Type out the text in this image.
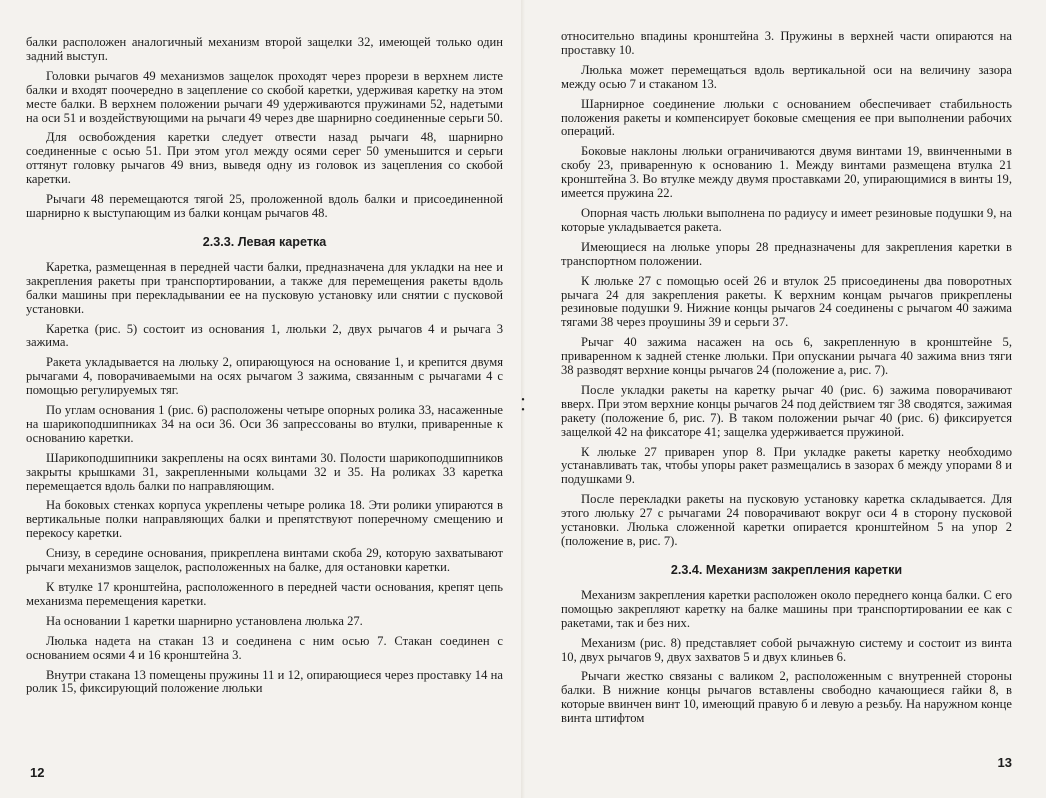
балки расположен аналогичный механизм второй защелки 32, имеющей только один задний выступ.

Головки рычагов 49 механизмов защелок проходят через прорези в верхнем листе балки и входят поочередно в зацепление со скобой каретки, удерживая каретку на этом месте балки. В верхнем положении рычаги 49 удерживаются пружинами 52, надетыми на оси 51 и воздействующими на рычаги 49 через две шарнирно соединенные серьги 50.

Для освобождения каретки следует отвести назад рычаги 48, шарнирно соединенные с осью 51. При этом угол между осями серег 50 уменьшится и серьги оттянут головку рычагов 49 вниз, выведя одну из головок из зацепления со скобой каретки.

Рычаги 48 перемещаются тягой 25, проложенной вдоль балки и присоединенной шарнирно к выступающим из балки концам рычагов 48.

2.3.3. Левая каретка

Каретка, размещенная в передней части балки, предназначена для укладки на нее и закрепления ракеты при транспортировании, а также для перемещения ракеты вдоль балки машины при перекладывании ее на пусковую установку или снятии с пусковой установки.

Каретка (рис. 5) состоит из основания 1, люльки 2, двух рычагов 4 и рычага 3 зажима.

Ракета укладывается на люльку 2, опирающуюся на основание 1, и крепится двумя рычагами 4, поворачиваемыми на осях рычагом 3 зажима, связанным с рычагами 4 с помощью регулируемых тяг.

По углам основания 1 (рис. 6) расположены четыре опорных ролика 33, насаженные на шарикоподшипниках 34 на оси 36. Оси 36 запрессованы во втулки, приваренные к основанию каретки.

Шарикоподшипники закреплены на осях винтами 30. Полости шарикоподшипников закрыты крышками 31, закрепленными кольцами 32 и 35. На роликах 33 каретка перемещается вдоль балки по направляющим.

На боковых стенках корпуса укреплены четыре ролика 18. Эти ролики упираются в вертикальные полки направляющих балки и препятствуют поперечному смещению и перекосу каретки.

Снизу, в середине основания, прикреплена винтами скоба 29, которую захватывают рычаги механизмов защелок, расположенных на балке, для остановки каретки.

К втулке 17 кронштейна, расположенного в передней части основания, крепят цепь механизма перемещения каретки.

На основании 1 каретки шарнирно установлена люлька 27.

Люлька надета на стакан 13 и соединена с ним осью 7. Стакан соединен с основанием осями 4 и 16 кронштейна 3.

Внутри стакана 13 помещены пружины 11 и 12, опирающиеся через проставку 14 на ролик 15, фиксирующий положение люльки

12
•
•

относительно впадины кронштейна 3. Пружины в верхней части опираются на проставку 10.

Люлька может перемещаться вдоль вертикальной оси на величину зазора между осью 7 и стаканом 13.

Шарнирное соединение люльки с основанием обеспечивает стабильность положения ракеты и компенсирует боковые смещения ее при выполнении рабочих операций.

Боковые наклоны люльки ограничиваются двумя винтами 19, ввинченными в скобу 23, приваренную к основанию 1. Между винтами размещена втулка 21 кронштейна 3. Во втулке между двумя проставками 20, упирающимися в винты 19, имеется пружина 22.

Опорная часть люльки выполнена по радиусу и имеет резиновые подушки 9, на которые укладывается ракета.

Имеющиеся на люльке упоры 28 предназначены для закрепления каретки в транспортном положении.

К люльке 27 с помощью осей 26 и втулок 25 присоединены два поворотных рычага 24 для закрепления ракеты. К верхним концам рычагов прикреплены резиновые подушки 9. Нижние концы рычагов 24 соединены с рычагом 40 зажима тягами 38 через проушины 39 и серьги 37.

Рычаг 40 зажима насажен на ось 6, закрепленную в кронштейне 5, приваренном к задней стенке люльки. При опускании рычага 40 зажима вниз тяги 38 разводят верхние концы рычагов 24 (положение а, рис. 7).

После укладки ракеты на каретку рычаг 40 (рис. 6) зажима поворачивают вверх. При этом верхние концы рычагов 24 под действием тяг 38 сводятся, зажимая ракету (положение б, рис. 7). В таком положении рычаг 40 (рис. 6) фиксируется защелкой 42 на фиксаторе 41; защелка удерживается пружиной.

К люльке 27 приварен упор 8. При укладке ракеты каретку необходимо устанавливать так, чтобы упоры ракет размещались в зазорах б между упорами 8 и подушками 9.

После перекладки ракеты на пусковую установку каретка складывается. Для этого люльку 27 с рычагами 24 поворачивают вокруг оси 4 в сторону пусковой установки. Люлька сложенной каретки опирается кронштейном 5 на упор 2 (положение в, рис. 7).

2.3.4. Механизм закрепления каретки

Механизм закрепления каретки расположен около переднего конца балки. С его помощью закрепляют каретку на балке машины при транспортировании ее как с ракетами, так и без них.

Механизм (рис. 8) представляет собой рычажную систему и состоит из винта 10, двух рычагов 9, двух захватов 5 и двух клиньев 6.

Рычаги жестко связаны с валиком 2, расположенным с внутренней стороны балки. В нижние концы рычагов вставлены свободно качающиеся гайки 8, в которые ввинчен винт 10, имеющий правую б и левую а резьбу. На наружном конце винта штифтом

13
